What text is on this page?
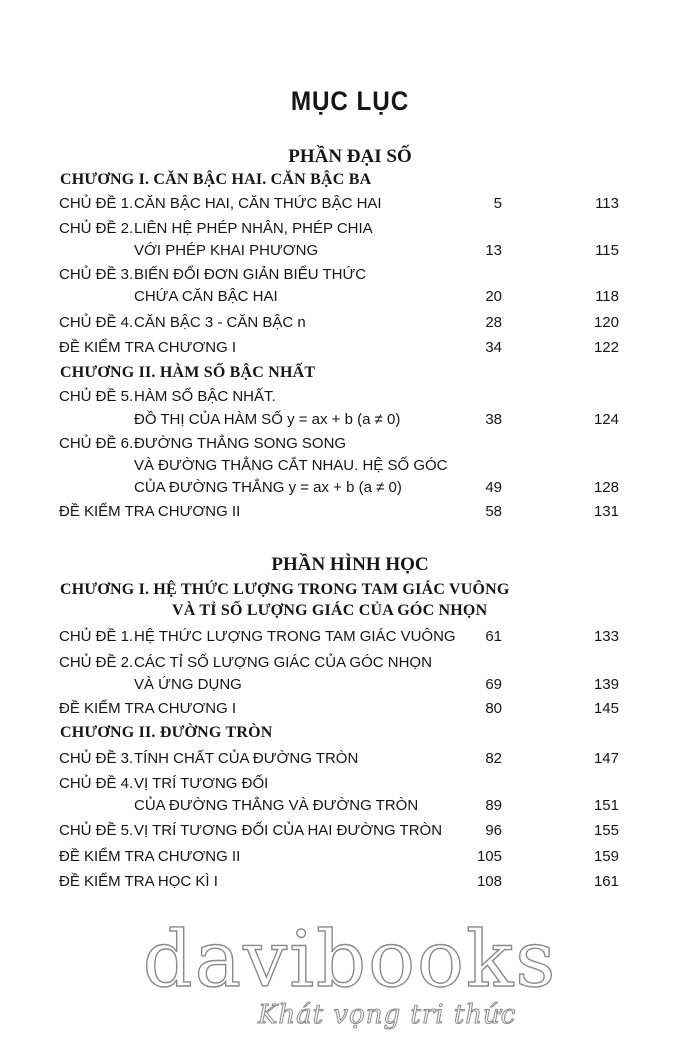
MỤC LỤC
PHẦN ĐẠI SỐ
CHƯƠNG I. CĂN BẬC HAI. CĂN BẬC BA
CHỦ ĐỀ 1. CĂN BẬC HAI, CĂN THỨC BẬC HAI	5	113
CHỦ ĐỀ 2. LIÊN HỆ PHÉP NHÂN, PHÉP CHIA
VỚI PHÉP KHAI PHƯƠNG	13	115
CHỦ ĐỀ 3. BIẾN ĐỔI ĐƠN GIẢN BIỂU THỨC
CHỨA CĂN BẬC HAI	20	118
CHỦ ĐỀ 4. CĂN BẬC 3 - CĂN BẬC n	28	120
ĐỀ KIỂM TRA CHƯƠNG I	34	122
CHƯƠNG II. HÀM SỐ BẬC NHẤT
CHỦ ĐỀ 5. HÀM SỐ BẬC NHẤT.
ĐỒ THỊ CỦA HÀM SỐ y = ax + b (a ≠ 0)	38	124
CHỦ ĐỀ 6. ĐƯỜNG THẲNG SONG SONG
VÀ ĐƯỜNG THẲNG CẮT NHAU. HỆ SỐ GÓC
CỦA ĐƯỜNG THẲNG y = ax + b (a ≠ 0)	49	128
ĐỀ KIỂM TRA CHƯƠNG II	58	131
PHẦN HÌNH HỌC
CHƯƠNG I. HỆ THỨC LƯỢNG TRONG TAM GIÁC VUÔNG
VÀ TỈ SỐ LƯỢNG GIÁC CỦA GÓC NHỌN
CHỦ ĐỀ 1. HỆ THỨC LƯỢNG TRONG TAM GIÁC VUÔNG 61	133
CHỦ ĐỀ 2. CÁC TỈ SỐ LƯỢNG GIÁC CỦA GÓC NHỌN
VÀ ỨNG DỤNG	69	139
ĐỀ KIỂM TRA CHƯƠNG I	80	145
CHƯƠNG II. ĐƯỜNG TRÒN
CHỦ ĐỀ 3. TÍNH CHẤT CỦA ĐƯỜNG TRÒN	82	147
CHỦ ĐỀ 4. VỊ TRÍ TƯƠNG ĐỐI
CỦA ĐƯỜNG THẲNG VÀ ĐƯỜNG TRÒN	89	151
CHỦ ĐỀ 5. VỊ TRÍ TƯƠNG ĐỐI CỦA HAI ĐƯỜNG TRÒN	96	155
ĐỀ KIỂM TRA CHƯƠNG II	105	159
ĐỀ KIỂM TRA HỌC KÌ I	108	161
davibooks
Khát vọng tri thức
